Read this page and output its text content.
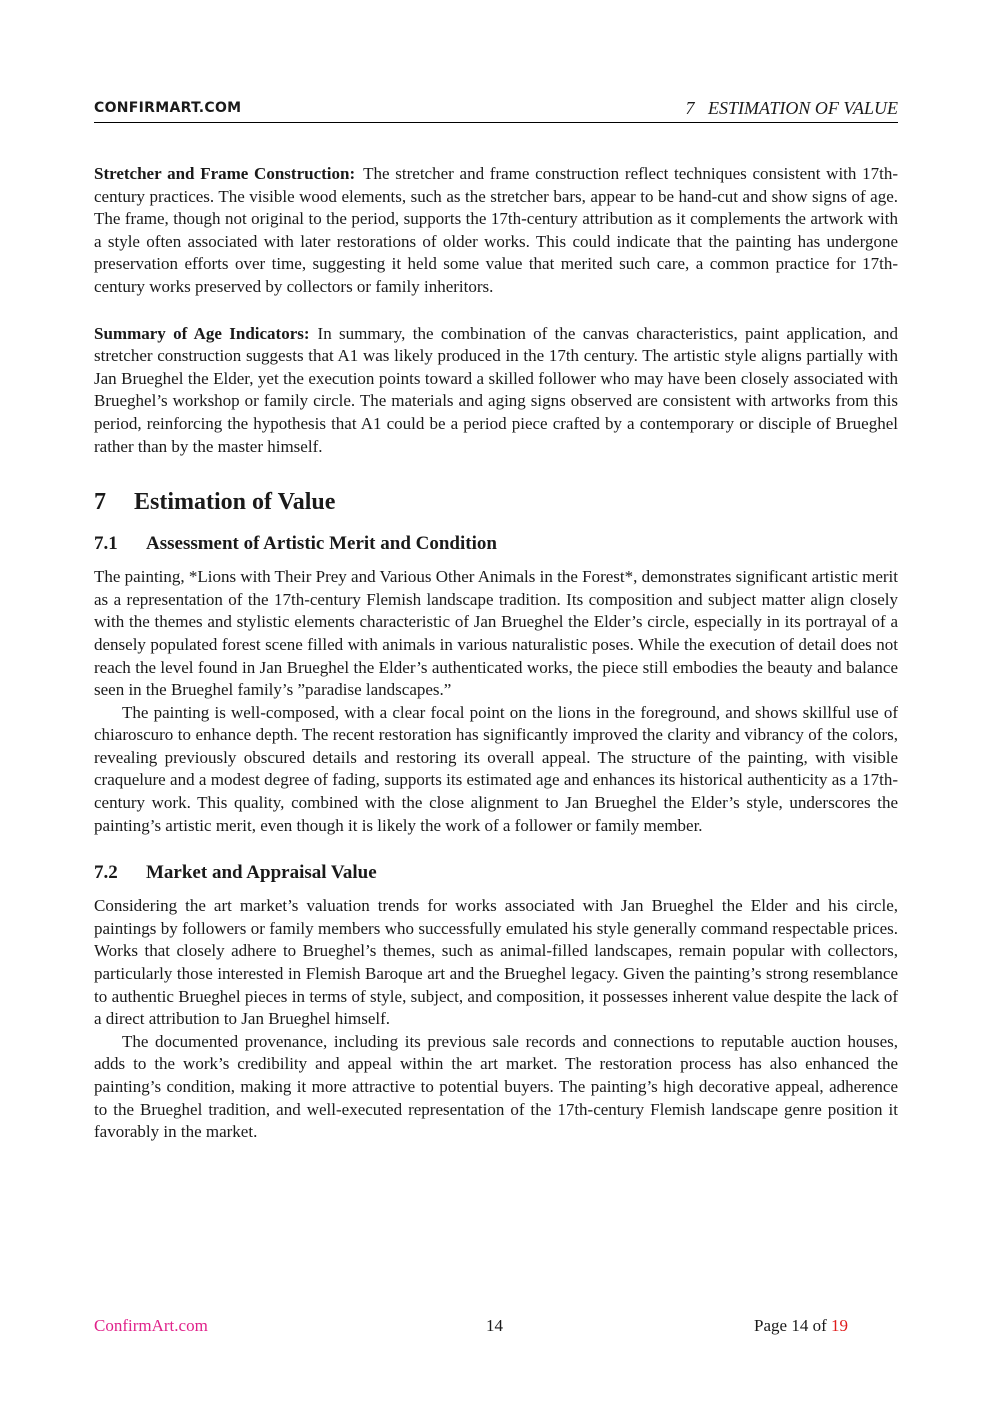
CONFIRMART.COM	7   ESTIMATION OF VALUE

Stretcher and Frame Construction: The stretcher and frame construction reflect techniques consistent with 17th-century practices. The visible wood elements, such as the stretcher bars, appear to be hand-cut and show signs of age. The frame, though not original to the period, supports the 17th-century attribution as it complements the artwork with a style often associated with later restorations of older works. This could indicate that the painting has undergone preservation efforts over time, suggesting it held some value that merited such care, a common practice for 17th-century works preserved by collectors or family inheritors.

Summary of Age Indicators: In summary, the combination of the canvas characteristics, paint application, and stretcher construction suggests that A1 was likely produced in the 17th century. The artistic style aligns partially with Jan Brueghel the Elder, yet the execution points toward a skilled follower who may have been closely associated with Brueghel’s workshop or family circle. The materials and aging signs observed are consistent with artworks from this period, reinforcing the hypothesis that A1 could be a period piece crafted by a contemporary or disciple of Brueghel rather than by the master himself.

7 Estimation of Value
7.1 Assessment of Artistic Merit and Condition

The painting, *Lions with Their Prey and Various Other Animals in the Forest*, demonstrates significant artistic merit as a representation of the 17th-century Flemish landscape tradition. Its composition and subject matter align closely with the themes and stylistic elements characteristic of Jan Brueghel the Elder’s circle, especially in its portrayal of a densely populated forest scene filled with animals in various naturalistic poses. While the execution of detail does not reach the level found in Jan Brueghel the Elder’s authenticated works, the piece still embodies the beauty and balance seen in the Brueghel family’s ”paradise landscapes.”

The painting is well-composed, with a clear focal point on the lions in the foreground, and shows skillful use of chiaroscuro to enhance depth. The recent restoration has significantly improved the clarity and vibrancy of the colors, revealing previously obscured details and restoring its overall appeal. The structure of the painting, with visible craquelure and a modest degree of fading, supports its estimated age and enhances its historical authenticity as a 17th-century work. This quality, combined with the close alignment to Jan Brueghel the Elder’s style, underscores the painting’s artistic merit, even though it is likely the work of a follower or family member.

7.2 Market and Appraisal Value

Considering the art market’s valuation trends for works associated with Jan Brueghel the Elder and his circle, paintings by followers or family members who successfully emulated his style generally command respectable prices. Works that closely adhere to Brueghel’s themes, such as animal-filled landscapes, remain popular with collectors, particularly those interested in Flemish Baroque art and the Brueghel legacy. Given the painting’s strong resemblance to authentic Brueghel pieces in terms of style, subject, and composition, it possesses inherent value despite the lack of a direct attribution to Jan Brueghel himself.

The documented provenance, including its previous sale records and connections to reputable auction houses, adds to the work’s credibility and appeal within the art market. The restoration process has also enhanced the painting’s condition, making it more attractive to potential buyers. The painting’s high decorative appeal, adherence to the Brueghel tradition, and well-executed representation of the 17th-century Flemish landscape genre position it favorably in the market.

ConfirmArt.com	14	Page 14 of 19
